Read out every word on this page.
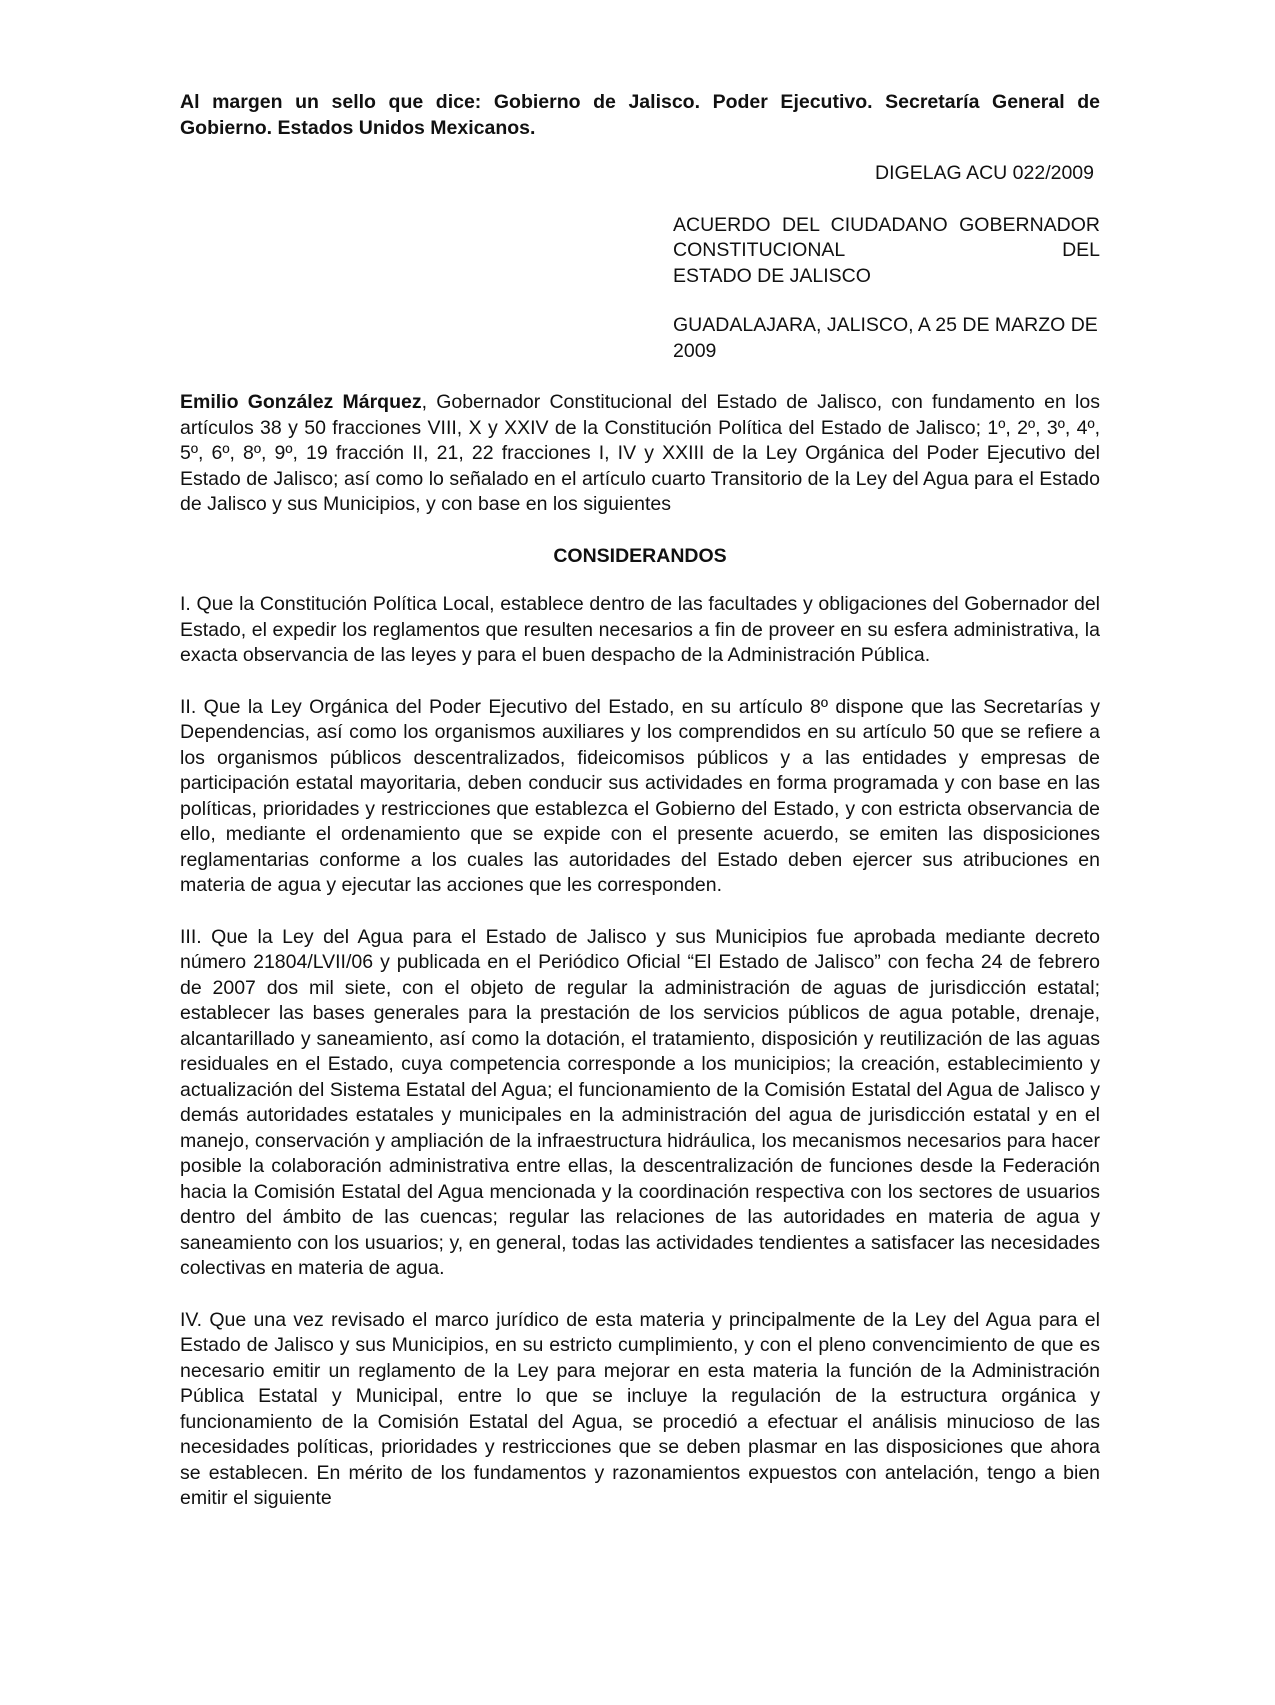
Al margen un sello que dice: Gobierno de Jalisco. Poder Ejecutivo. Secretaría General de Gobierno. Estados Unidos Mexicanos.

DIGELAG ACU 022/2009

ACUERDO DEL CIUDADANO GOBERNADOR CONSTITUCIONAL DEL

ESTADO DE JALISCO

GUADALAJARA, JALISCO, A 25 DE MARZO DE 2009

Emilio González Márquez, Gobernador Constitucional del Estado de Jalisco, con fundamento en los artículos 38 y 50 fracciones VIII, X y XXIV de la Constitución Política del Estado de Jalisco; 1º, 2º, 3º, 4º, 5º, 6º, 8º, 9º, 19 fracción II, 21, 22 fracciones I, IV y XXIII de la Ley Orgánica del Poder Ejecutivo del Estado de Jalisco; así como lo señalado en el artículo cuarto Transitorio de la Ley del Agua para el Estado de Jalisco y sus Municipios, y con base en los siguientes

CONSIDERANDOS

I. Que la Constitución Política Local, establece dentro de las facultades y obligaciones del Gobernador del Estado, el expedir los reglamentos que resulten necesarios a fin de proveer en su esfera administrativa, la exacta observancia de las leyes y para el buen despacho de la Administración Pública.

II. Que la Ley Orgánica del Poder Ejecutivo del Estado, en su artículo 8º dispone que las Secretarías y Dependencias, así como los organismos auxiliares y los comprendidos en su artículo 50 que se refiere a los organismos públicos descentralizados, fideicomisos públicos y a las entidades y empresas de participación estatal mayoritaria, deben conducir sus actividades en forma programada y con base en las políticas, prioridades y restricciones que establezca el Gobierno del Estado, y con estricta observancia de ello, mediante el ordenamiento que se expide con el presente acuerdo, se emiten las disposiciones reglamentarias conforme a los cuales las autoridades del Estado deben ejercer sus atribuciones en materia de agua y ejecutar las acciones que les corresponden.

III. Que la Ley del Agua para el Estado de Jalisco y sus Municipios fue aprobada mediante decreto número 21804/LVII/06 y publicada en el Periódico Oficial “El Estado de Jalisco” con fecha 24 de febrero de 2007 dos mil siete, con el objeto de regular la administración de aguas de jurisdicción estatal; establecer las bases generales para la prestación de los servicios públicos de agua potable, drenaje, alcantarillado y saneamiento, así como la dotación, el tratamiento, disposición y reutilización de las aguas residuales en el Estado, cuya competencia corresponde a los municipios; la creación, establecimiento y actualización del Sistema Estatal del Agua; el funcionamiento de la Comisión Estatal del Agua de Jalisco y demás autoridades estatales y municipales en la administración del agua de jurisdicción estatal y en el manejo, conservación y ampliación de la infraestructura hidráulica, los mecanismos necesarios para hacer posible la colaboración administrativa entre ellas, la descentralización de funciones desde la Federación hacia la Comisión Estatal del Agua mencionada y la coordinación respectiva con los sectores de usuarios dentro del ámbito de las cuencas; regular las relaciones de las autoridades en materia de agua y saneamiento con los usuarios; y, en general, todas las actividades tendientes a satisfacer las necesidades colectivas en materia de agua.

IV. Que una vez revisado el marco jurídico de esta materia y principalmente de la Ley del Agua para el Estado de Jalisco y sus Municipios, en su estricto cumplimiento, y con el pleno convencimiento de que es necesario emitir un reglamento de la Ley para mejorar en esta materia la función de la Administración Pública Estatal y Municipal, entre lo que se incluye la regulación de la estructura orgánica y funcionamiento de la Comisión Estatal del Agua, se procedió a efectuar el análisis minucioso de las necesidades políticas, prioridades y restricciones que se deben plasmar en las disposiciones que ahora se establecen. En mérito de los fundamentos y razonamientos expuestos con antelación, tengo a bien emitir el siguiente
